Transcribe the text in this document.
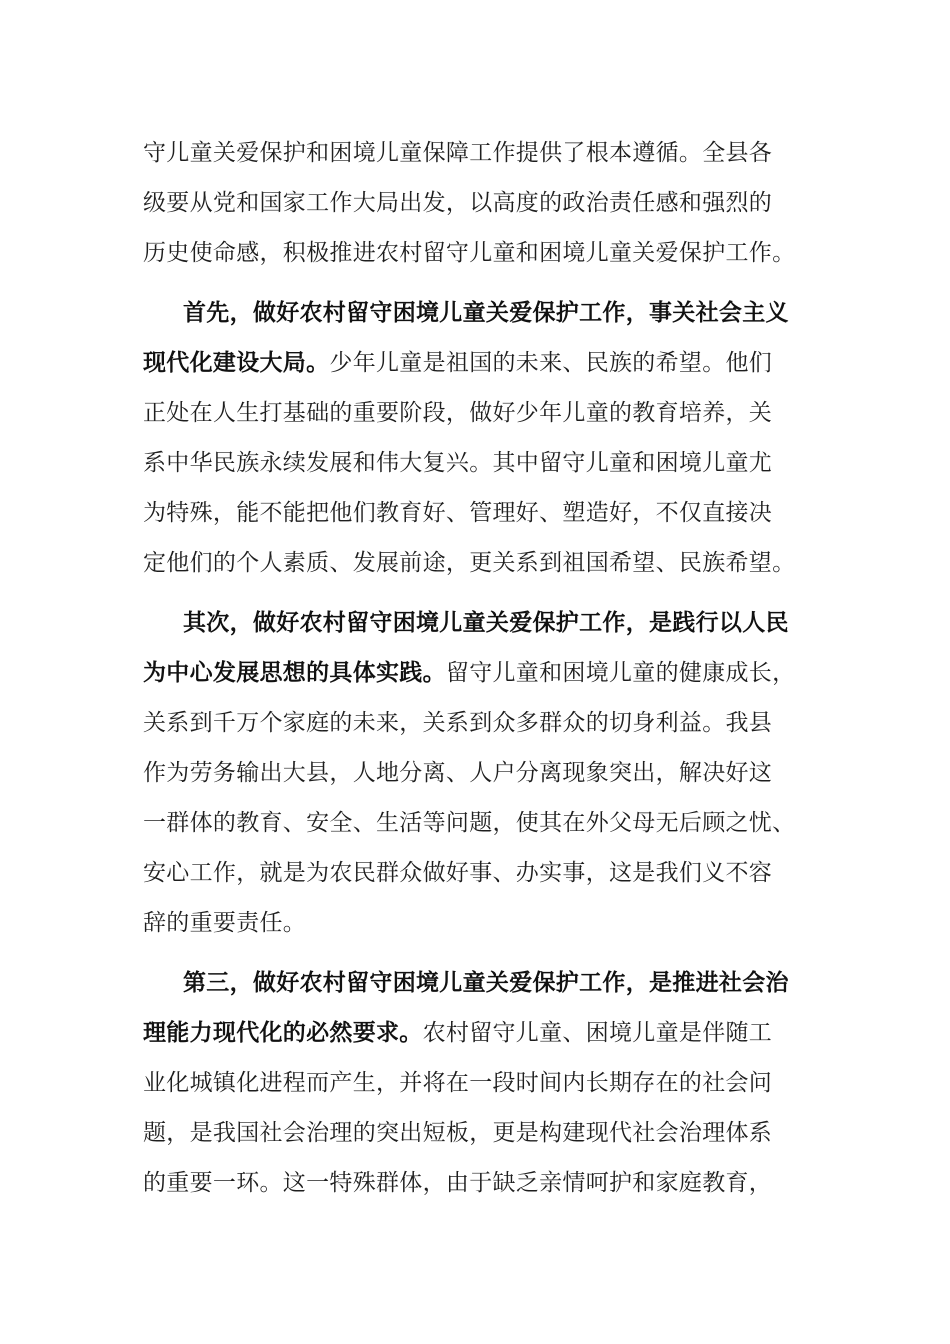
守儿童关爱保护和困境儿童保障工作提供了根本遵循。全县各
级要从党和国家工作大局出发，以高度的政治责任感和强烈的
历史使命感，积极推进农村留守儿童和困境儿童关爱保护工作。
首先，做好农村留守困境儿童关爱保护工作，事关社会主义
现代化建设大局。少年儿童是祖国的未来、民族的希望。他们
正处在人生打基础的重要阶段，做好少年儿童的教育培养，关
系中华民族永续发展和伟大复兴。其中留守儿童和困境儿童尤
为特殊，能不能把他们教育好、管理好、塑造好，不仅直接决
定他们的个人素质、发展前途，更关系到祖国希望、民族希望。
其次，做好农村留守困境儿童关爱保护工作，是践行以人民
为中心发展思想的具体实践。留守儿童和困境儿童的健康成长，
关系到千万个家庭的未来，关系到众多群众的切身利益。我县
作为劳务输出大县，人地分离、人户分离现象突出，解决好这
一群体的教育、安全、生活等问题，使其在外父母无后顾之忧、
安心工作，就是为农民群众做好事、办实事，这是我们义不容
辞的重要责任。
第三，做好农村留守困境儿童关爱保护工作，是推进社会治
理能力现代化的必然要求。农村留守儿童、困境儿童是伴随工
业化城镇化进程而产生，并将在一段时间内长期存在的社会问
题，是我国社会治理的突出短板，更是构建现代社会治理体系
的重要一环。这一特殊群体，由于缺乏亲情呵护和家庭教育，
